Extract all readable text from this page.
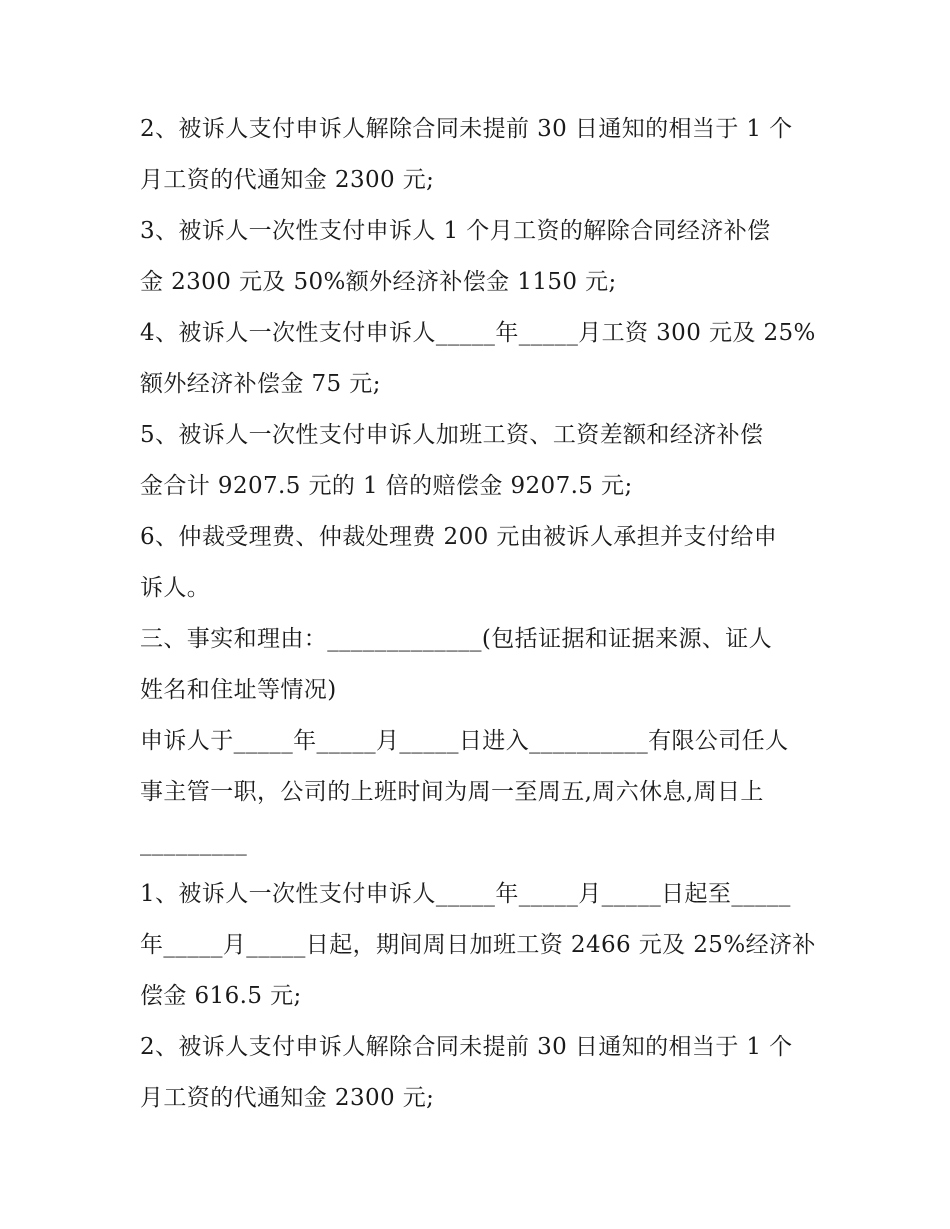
2、被诉人支付申诉人解除合同未提前 30 日通知的相当于 1 个
月工资的代通知金 2300 元;
3、被诉人一次性支付申诉人 1 个月工资的解除合同经济补偿
金 2300 元及 50%额外经济补偿金 1150 元;
4、被诉人一次性支付申诉人_____年_____月工资 300 元及 25%
额外经济补偿金 75 元;
5、被诉人一次性支付申诉人加班工资、工资差额和经济补偿
金合计 9207.5 元的 1 倍的赔偿金 9207.5 元;
6、仲裁受理费、仲裁处理费 200 元由被诉人承担并支付给申
诉人。
三、事实和理由：_____________(包括证据和证据来源、证人
姓名和住址等情况)
申诉人于_____年_____月_____日进入__________有限公司任人
事主管一职，公司的上班时间为周一至周五,周六休息,周日上
_________
1、被诉人一次性支付申诉人_____年_____月_____日起至_____
年_____月_____日起，期间周日加班工资 2466 元及 25%经济补
偿金 616.5 元;
2、被诉人支付申诉人解除合同未提前 30 日通知的相当于 1 个
月工资的代通知金 2300 元;
